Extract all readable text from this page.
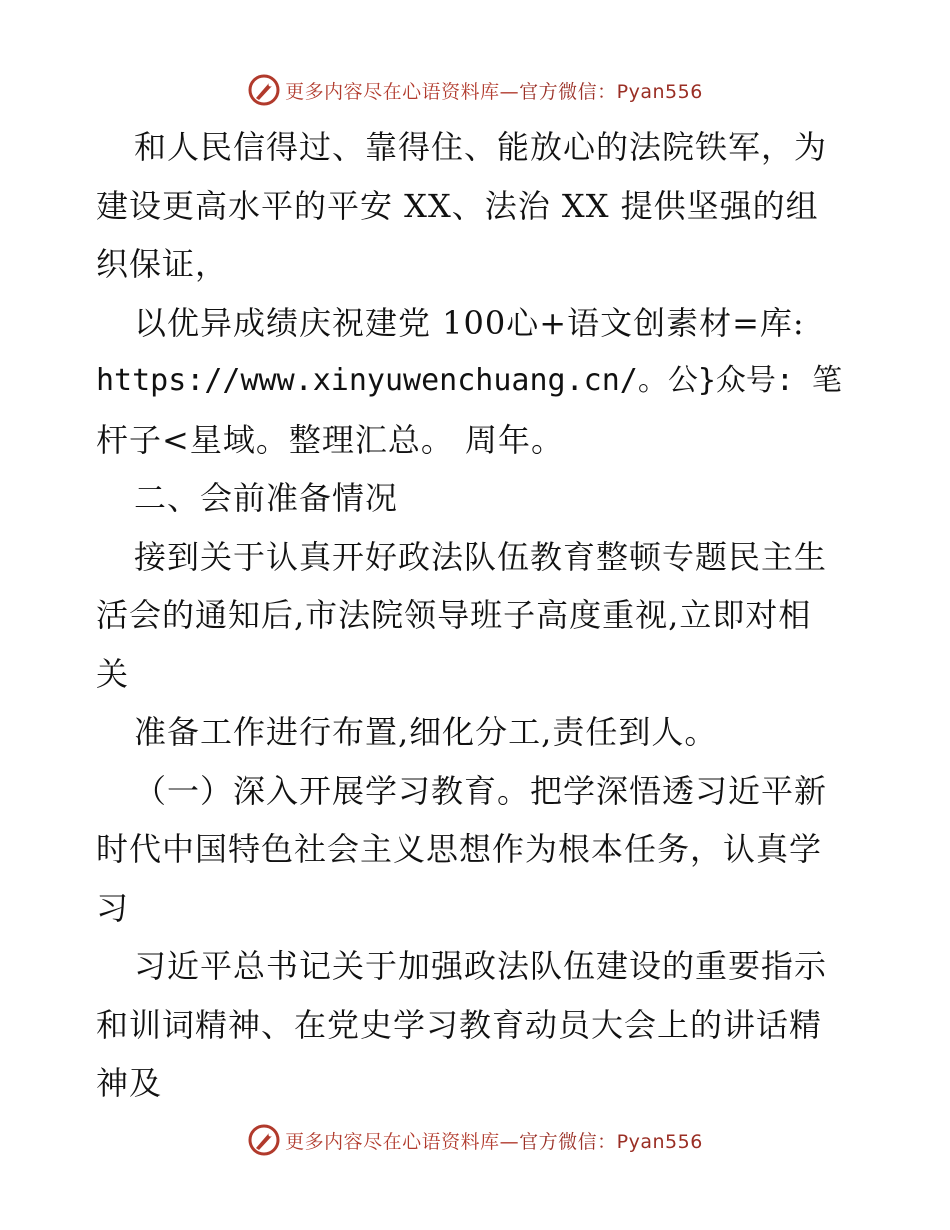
更多内容尽在心语资料库—官方微信：Pyan556
和人民信得过、靠得住、能放心的法院铁军，为
建设更高水平的平安 XX、法治 XX 提供坚强的组
织保证，
以优异成绩庆祝建党 100心+语文创素材=库:
https://www.xinyuwenchuang.cn/。公}众号: 笔
杆子<星域。整理汇总。 周年。
二、会前准备情况
接到关于认真开好政法队伍教育整顿专题民主生
活会的通知后,市法院领导班子高度重视,立即对相
关
准备工作进行布置,细化分工,责任到人。
（一）深入开展学习教育。把学深悟透习近平新
时代中国特色社会主义思想作为根本任务，认真学
习
习近平总书记关于加强政法队伍建设的重要指示
和训词精神、在党史学习教育动员大会上的讲话精
神及
更多内容尽在心语资料库—官方微信：Pyan556
